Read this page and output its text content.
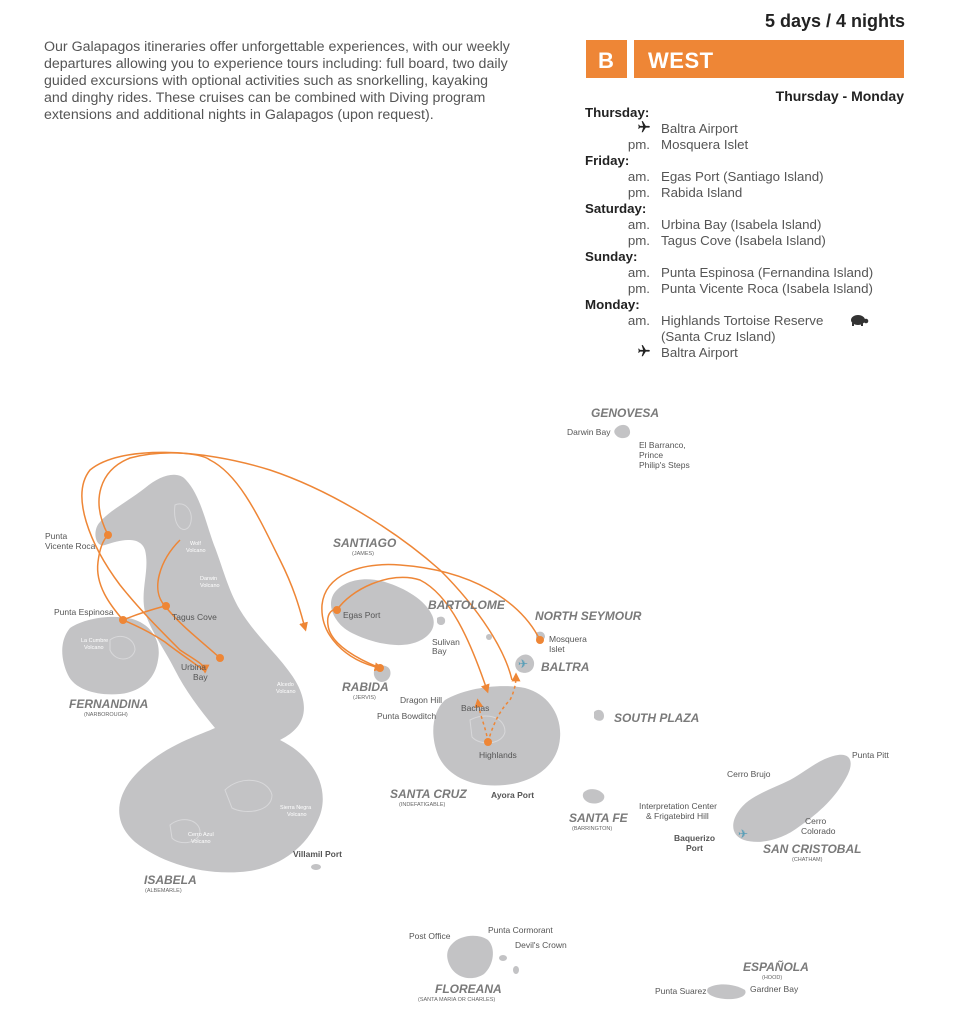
Our Galapagos itineraries offer unforgettable experiences, with our weekly departures allowing you to experience tours including: full board, two daily guided excursions with optional activities such as snorkelling, kayaking and dinghy rides. These cruises can be combined with Diving program extensions and additional nights in Galapagos (upon request).
5 days / 4 nights
B WEST
Thursday - Monday
Thursday:
Baltra Airport
pm. Mosquera Islet
Friday:
am. Egas Port (Santiago Island)
pm. Rabida Island
Saturday:
am. Urbina Bay (Isabela Island)
pm. Tagus Cove (Isabela Island)
Sunday:
am. Punta Espinosa (Fernandina Island)
pm. Punta Vicente Roca (Isabela Island)
Monday:
am. Highlands Tortoise Reserve
(Santa Cruz Island)
Baltra Airport
✈
✈
GENOVESA
SANTIAGO
(JAMES)
BARTOLOME
NORTH SEYMOUR
BALTRA
SOUTH PLAZA
RABIDA
(JERVIS)
FERNANDINA
(NARBOROUGH)
ISABELA
(ALBEMARLE)
SANTA CRUZ
(INDEFATIGABLE)
SANTA FE
(BARRINGTON)
SAN CRISTOBAL
(CHATHAM)
FLOREANA
(SANTA MARIA OR CHARLES)
ESPAÑOLA
(HOOD)
Darwin Bay
El Barranco,
Prince
Philip's Steps
Punta
Vicente Roca
Punta Espinosa	Tagus Cove
Urbina
Bay
Egas Port
Sulivan
Bay
Mosquera
Islet
Dragon Hill
Punta Bowditch
Bachas
Highlands
Ayora Port
Villamil Port
Interpretation Center
& Frigatebird Hill
Baquerizo
Port
Cerro Brujo
Punta Pitt
Cerro
Colorado
Post Office
Punta Cormorant
Devil's Crown
Punta Suarez	Gardner Bay
Wolf
Volcano
Darwin
Volcano
Alcedo
Volcano
Sierra Negra
Volcano
Cerro Azul
Volcano
La Cumbre
Volcano
